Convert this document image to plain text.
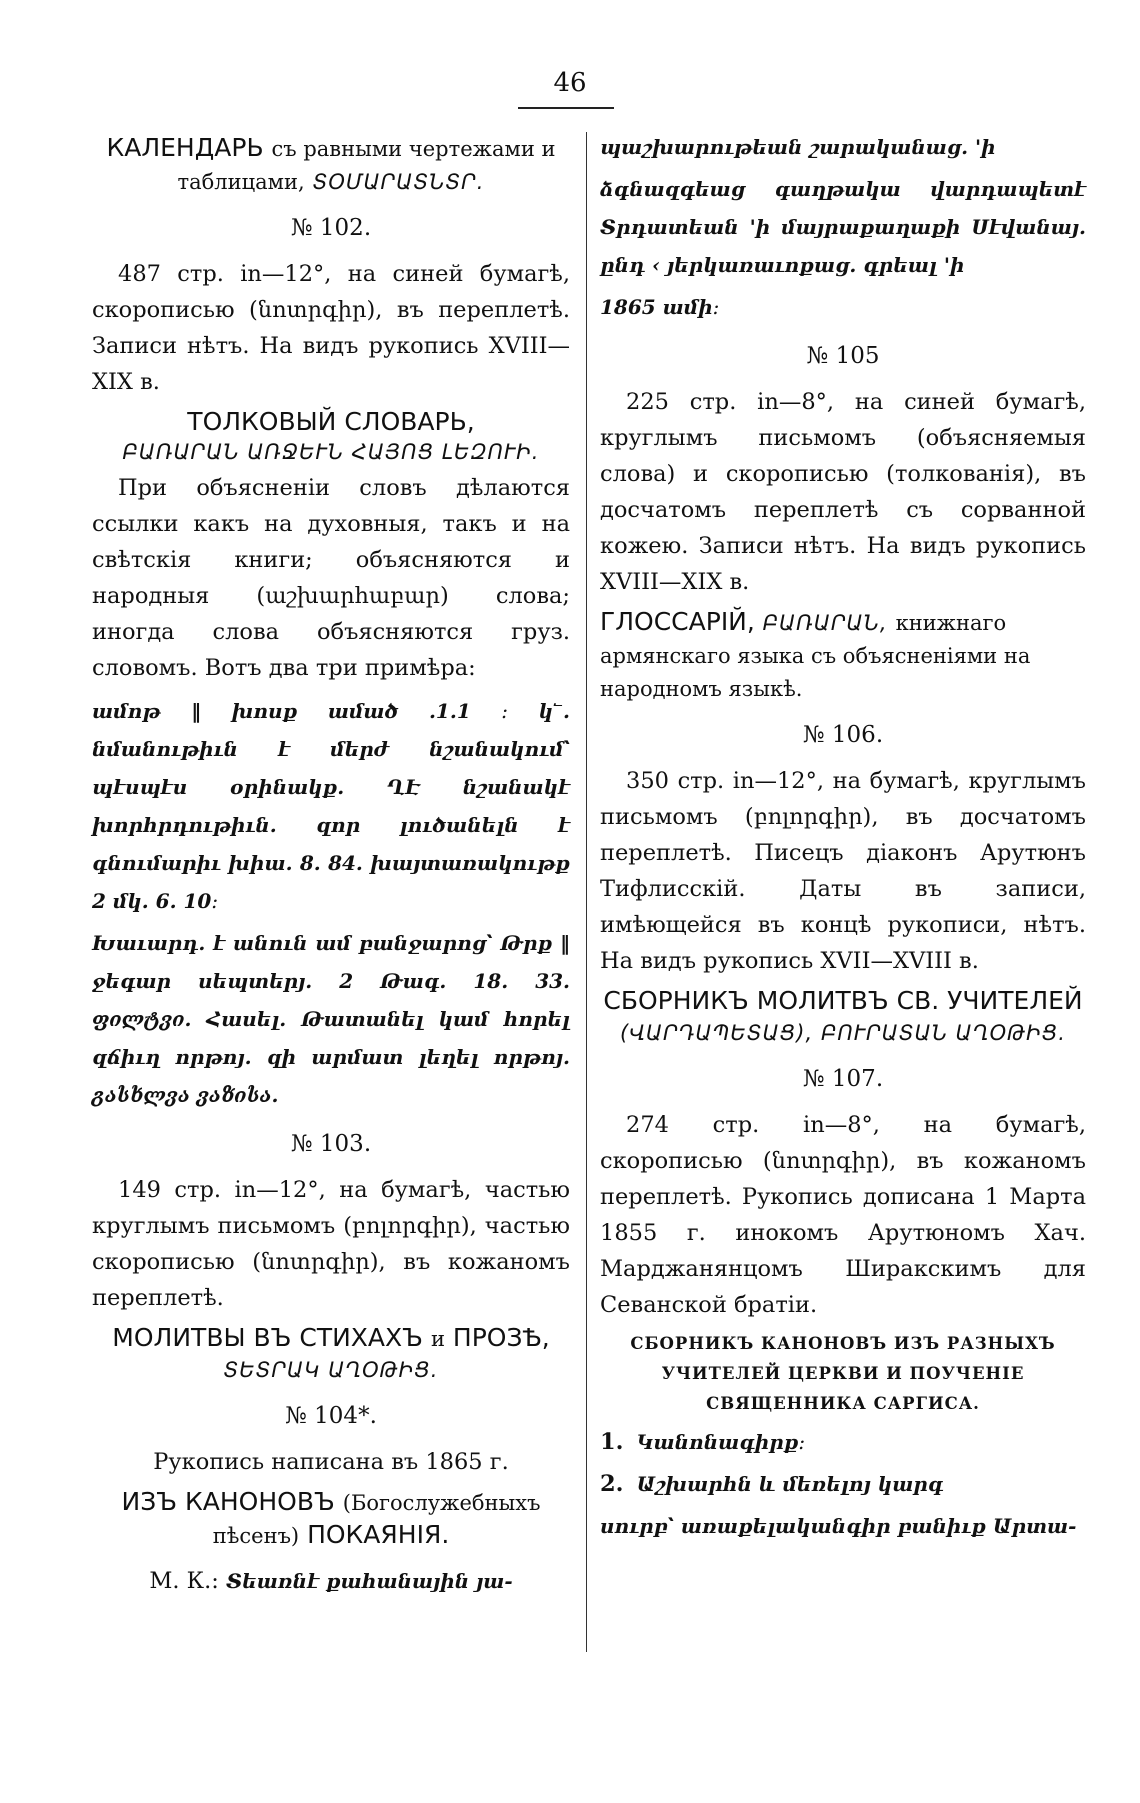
46
КАЛЕНДАРЬ съ равными чертежами и таблицами, ՏՕՄԱՐԱՏՆՏՐ.
№ 102.

487 стр. in—12°, на синей бумагѣ, скорописью (նոտրգիր), въ переплетѣ. Записи нѣтъ. На видъ рукопись XVIII—XIX в.

ТОЛКОВЫЙ СЛОВАРЬ,
ԲԱՌԱՐԱՆ ԱՌՋԵՒՆ ՀԱՅՈՑ ԼԵԶՈՒԻ.

При объясненіи словъ дѣлаются ссылки какъ на духовныя, такъ и на свѣтскія книги; объясняются и народныя (աշխարհաբար) слова; иногда слова объясняются груз. словомъ. Вотъ два три примѣра:

ամոթ ‖ խոսք ամած .1.1 ։ կ՟. նմանութիւն է մերժ նշանակում՝ պէսպէս օրինակք. ՂԷ նշանակէ խորհրդութիւն. զոր լուծանելն է գնումարիւ խիա. 8. 84. խայտառակութք 2 մկ. 6. 10։

Խաւարդ. է անուն ամ բանջարոց՝ Թրք ‖ ջեգար սեպտերյ. 2 Թագ. 18. 33. ფილტვი. Հասել. Թատանել կամ հորել զճիւղ որթոյ. զի արմատ լեղել որթոյ. გასხლვა ვაზისა.

№ 103.

149 стр. in—12°, на бумагѣ, частью круглымъ письмомъ (բոլորգիր), частью скорописью (նոտրգիր), въ кожаномъ переплетѣ.

МОЛИТВЫ ВЪ СТИХАХЪ и ПРОЗѢ,
ՏԵՏՐԱԿ ԱՂՕԹԻՑ.
№ 104*.

Рукопись написана въ 1865 г.

ИЗЪ КАНОНОВЪ (Богослужебныхъ пѣсенъ) ПОКАЯНІЯ.

М. К.: Տեառնէ քահանային յա-

պաշխարութեան շարականաց. 'ի

ձգնազգեաց գաղթակա վարդապետէ Տրդատեան 'ի մայրաքաղաքի Սէվանայ. ընդ ‹ յերկառաւոքաց․ գրեալ 'ի

1865 ամի։

№ 105

225 стр. in—8°, на синей бумагѣ, круглымъ письмомъ (объясняемыя слова) и скорописью (толкованія), въ досчатомъ переплетѣ съ сорванной кожею. Записи нѣтъ. На видъ рукопись XVIII—XIX в.

ГЛОССАРІЙ, ԲԱՌԱՐԱՆ, книжнаго армянскаго языка съ объясненіями на народномъ языкѣ.
№ 106.

350 стр. in—12°, на бумагѣ, круглымъ письмомъ (բոլորգիր), въ досчатомъ переплетѣ. Писецъ діаконъ Арутюнъ Тифлисскій. Даты въ записи, имѣющейся въ концѣ рукописи, нѣтъ. На видъ рукопись XVII—XVIII в.

СБОРНИКЪ МОЛИТВЪ СВ. УЧИТЕЛЕЙ (ՎԱՐԴԱՊԵՏԱՑ), ԲՈՒՐԱՏԱՆ ԱՂՕԹԻՑ.
№ 107.

274 стр. in—8°, на бумагѣ, скорописью (նոտրգիր), въ кожаномъ переплетѣ. Рукопись дописана 1 Марта 1855 г. инокомъ Арутюномъ Хач. Марджанянцомъ Ширакскимъ для Севанской братіи.

СБОРНИКЪ КАНОНОВЪ ИЗЪ РАЗНЫХЪ УЧИТЕЛЕЙ ЦЕРКВИ И ПОУЧЕНІЕ СВЯЩЕННИКА САРГИСА.
1. Կանոնագիրք։
2. Աշխարհն և մեռելոյ կարգ

սուրբ՝ առաքելականգիր բանիւք Արտա-
